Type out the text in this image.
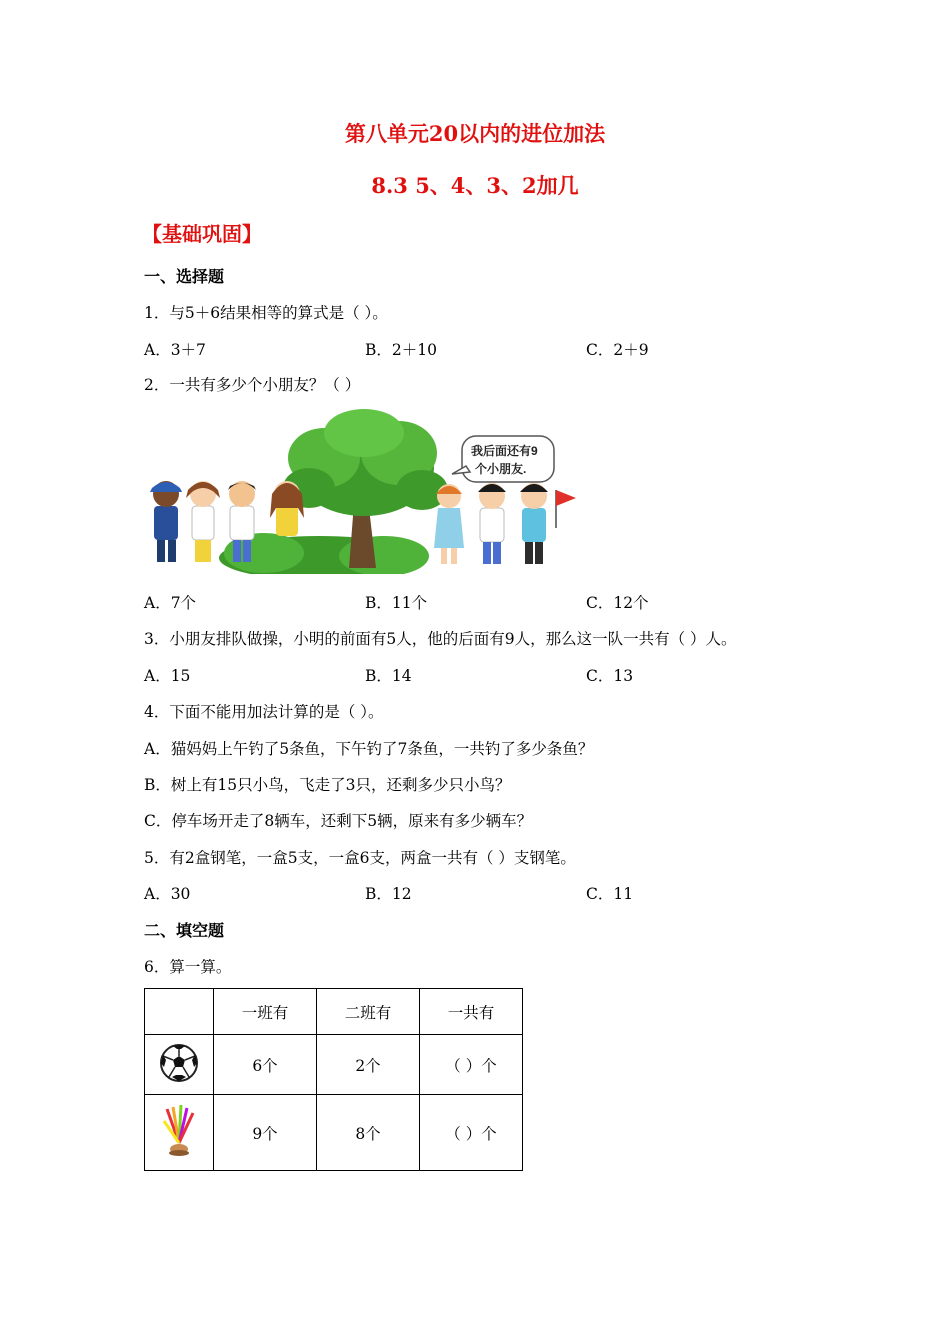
第八单元20以内的进位加法
8.3 5、4、3、2加几
【基础巩固】
一、选择题
1．与5＋6结果相等的算式是（ ）。
A．3＋7	B．2＋10	C．2＋9
2．一共有多少个小朋友？（ ）
我后面还有9
个小朋友.
A．7个	B．11个	C．12个
3．小朋友排队做操，小明的前面有5人，他的后面有9人，那么这一队一共有（ ）人。
A．15	B．14	C．13
4．下面不能用加法计算的是（ ）。
A．猫妈妈上午钓了5条鱼，下午钓了7条鱼，一共钓了多少条鱼？
B．树上有15只小鸟，飞走了3只，还剩多少只小鸟？
C．停车场开走了8辆车，还剩下5辆，原来有多少辆车？
5．有2盒钢笔，一盒5支，一盒6支，两盒一共有（ ）支钢笔。
A．30	B．12	C．11
二、填空题
6．算一算。
	一班有	二班有	一共有
	6个	2个	（ ）个
	9个	8个	（ ）个
